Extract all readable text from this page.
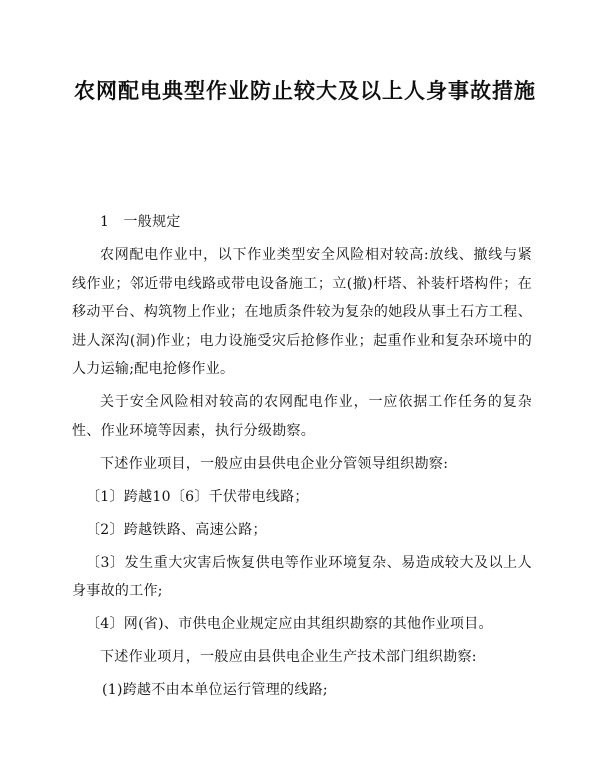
农网配电典型作业防止较大及以上人身事故措施
1　一般规定

农网配电作业中，以下作业类型安全风险相对较高:放线、撤线与紧线作业；邻近带电线路或带电设备施工；立(撤)杆塔、补装杆塔构件；在移动平台、构筑物上作业；在地质条件较为复杂的她段从事土石方工程、进人深沟(洞)作业；电力设施受灾后抢修作业；起重作业和复杂环境中的人力运输;配电抢修作业。

关于安全风险相对较高的农网配电作业，一应依据工作任务的复杂性、作业环境等因素，执行分级勘察。

下述作业项目，一般应由县供电企业分管领导组织勘察:

〔1〕跨越10〔6〕千伏带电线路；

〔2〕跨越铁路、高速公路；

〔3〕发生重大灾害后恢复供电等作业环境复杂、易造成较大及以上人身事故的工作;

〔4〕网(省)、市供电企业规定应由其组织勘察的其他作业项目。

下述作业项月，一般应由县供电企业生产技术部门组织勘察:

(1)跨越不由本单位运行管理的线路;
